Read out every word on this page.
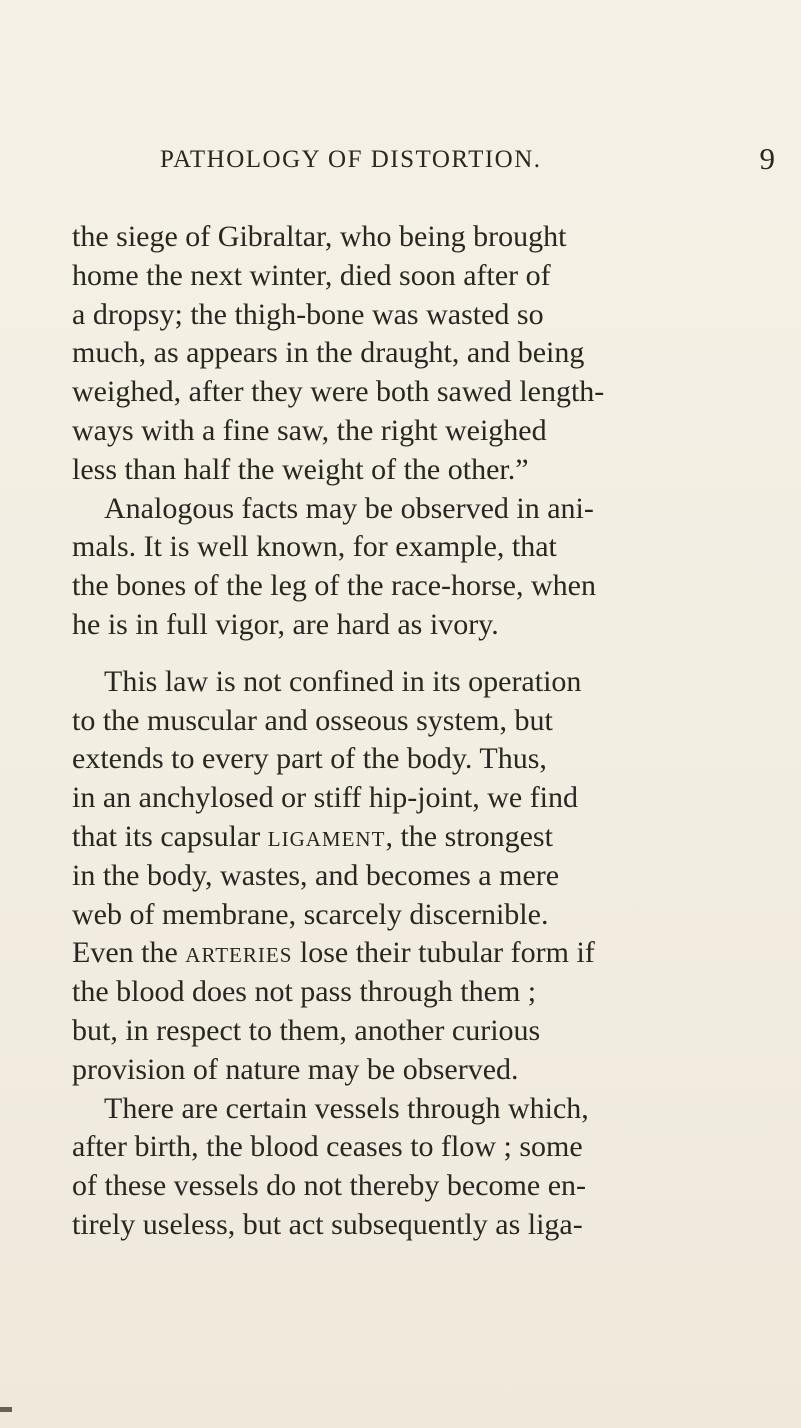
PATHOLOGY OF DISTORTION.	9
the siege of Gibraltar, who being brought
home the next winter, died soon after of
a dropsy; the thigh-bone was wasted so
much, as appears in the draught, and being
weighed, after they were both sawed length-
ways with a fine saw, the right weighed
less than half the weight of the other.”
Analogous facts may be observed in ani-
mals. It is well known, for example, that
the bones of the leg of the race-horse, when
he is in full vigor, are hard as ivory.
This law is not confined in its operation
to the muscular and osseous system, but
extends to every part of the body. Thus,
in an anchylosed or stiff hip-joint, we find
that its capsular ligament, the strongest
in the body, wastes, and becomes a mere
web of membrane, scarcely discernible.
Even the arteries lose their tubular form if
the blood does not pass through them ;
but, in respect to them, another curious
provision of nature may be observed.
There are certain vessels through which,
after birth, the blood ceases to flow ; some
of these vessels do not thereby become en-
tirely useless, but act subsequently as liga-
